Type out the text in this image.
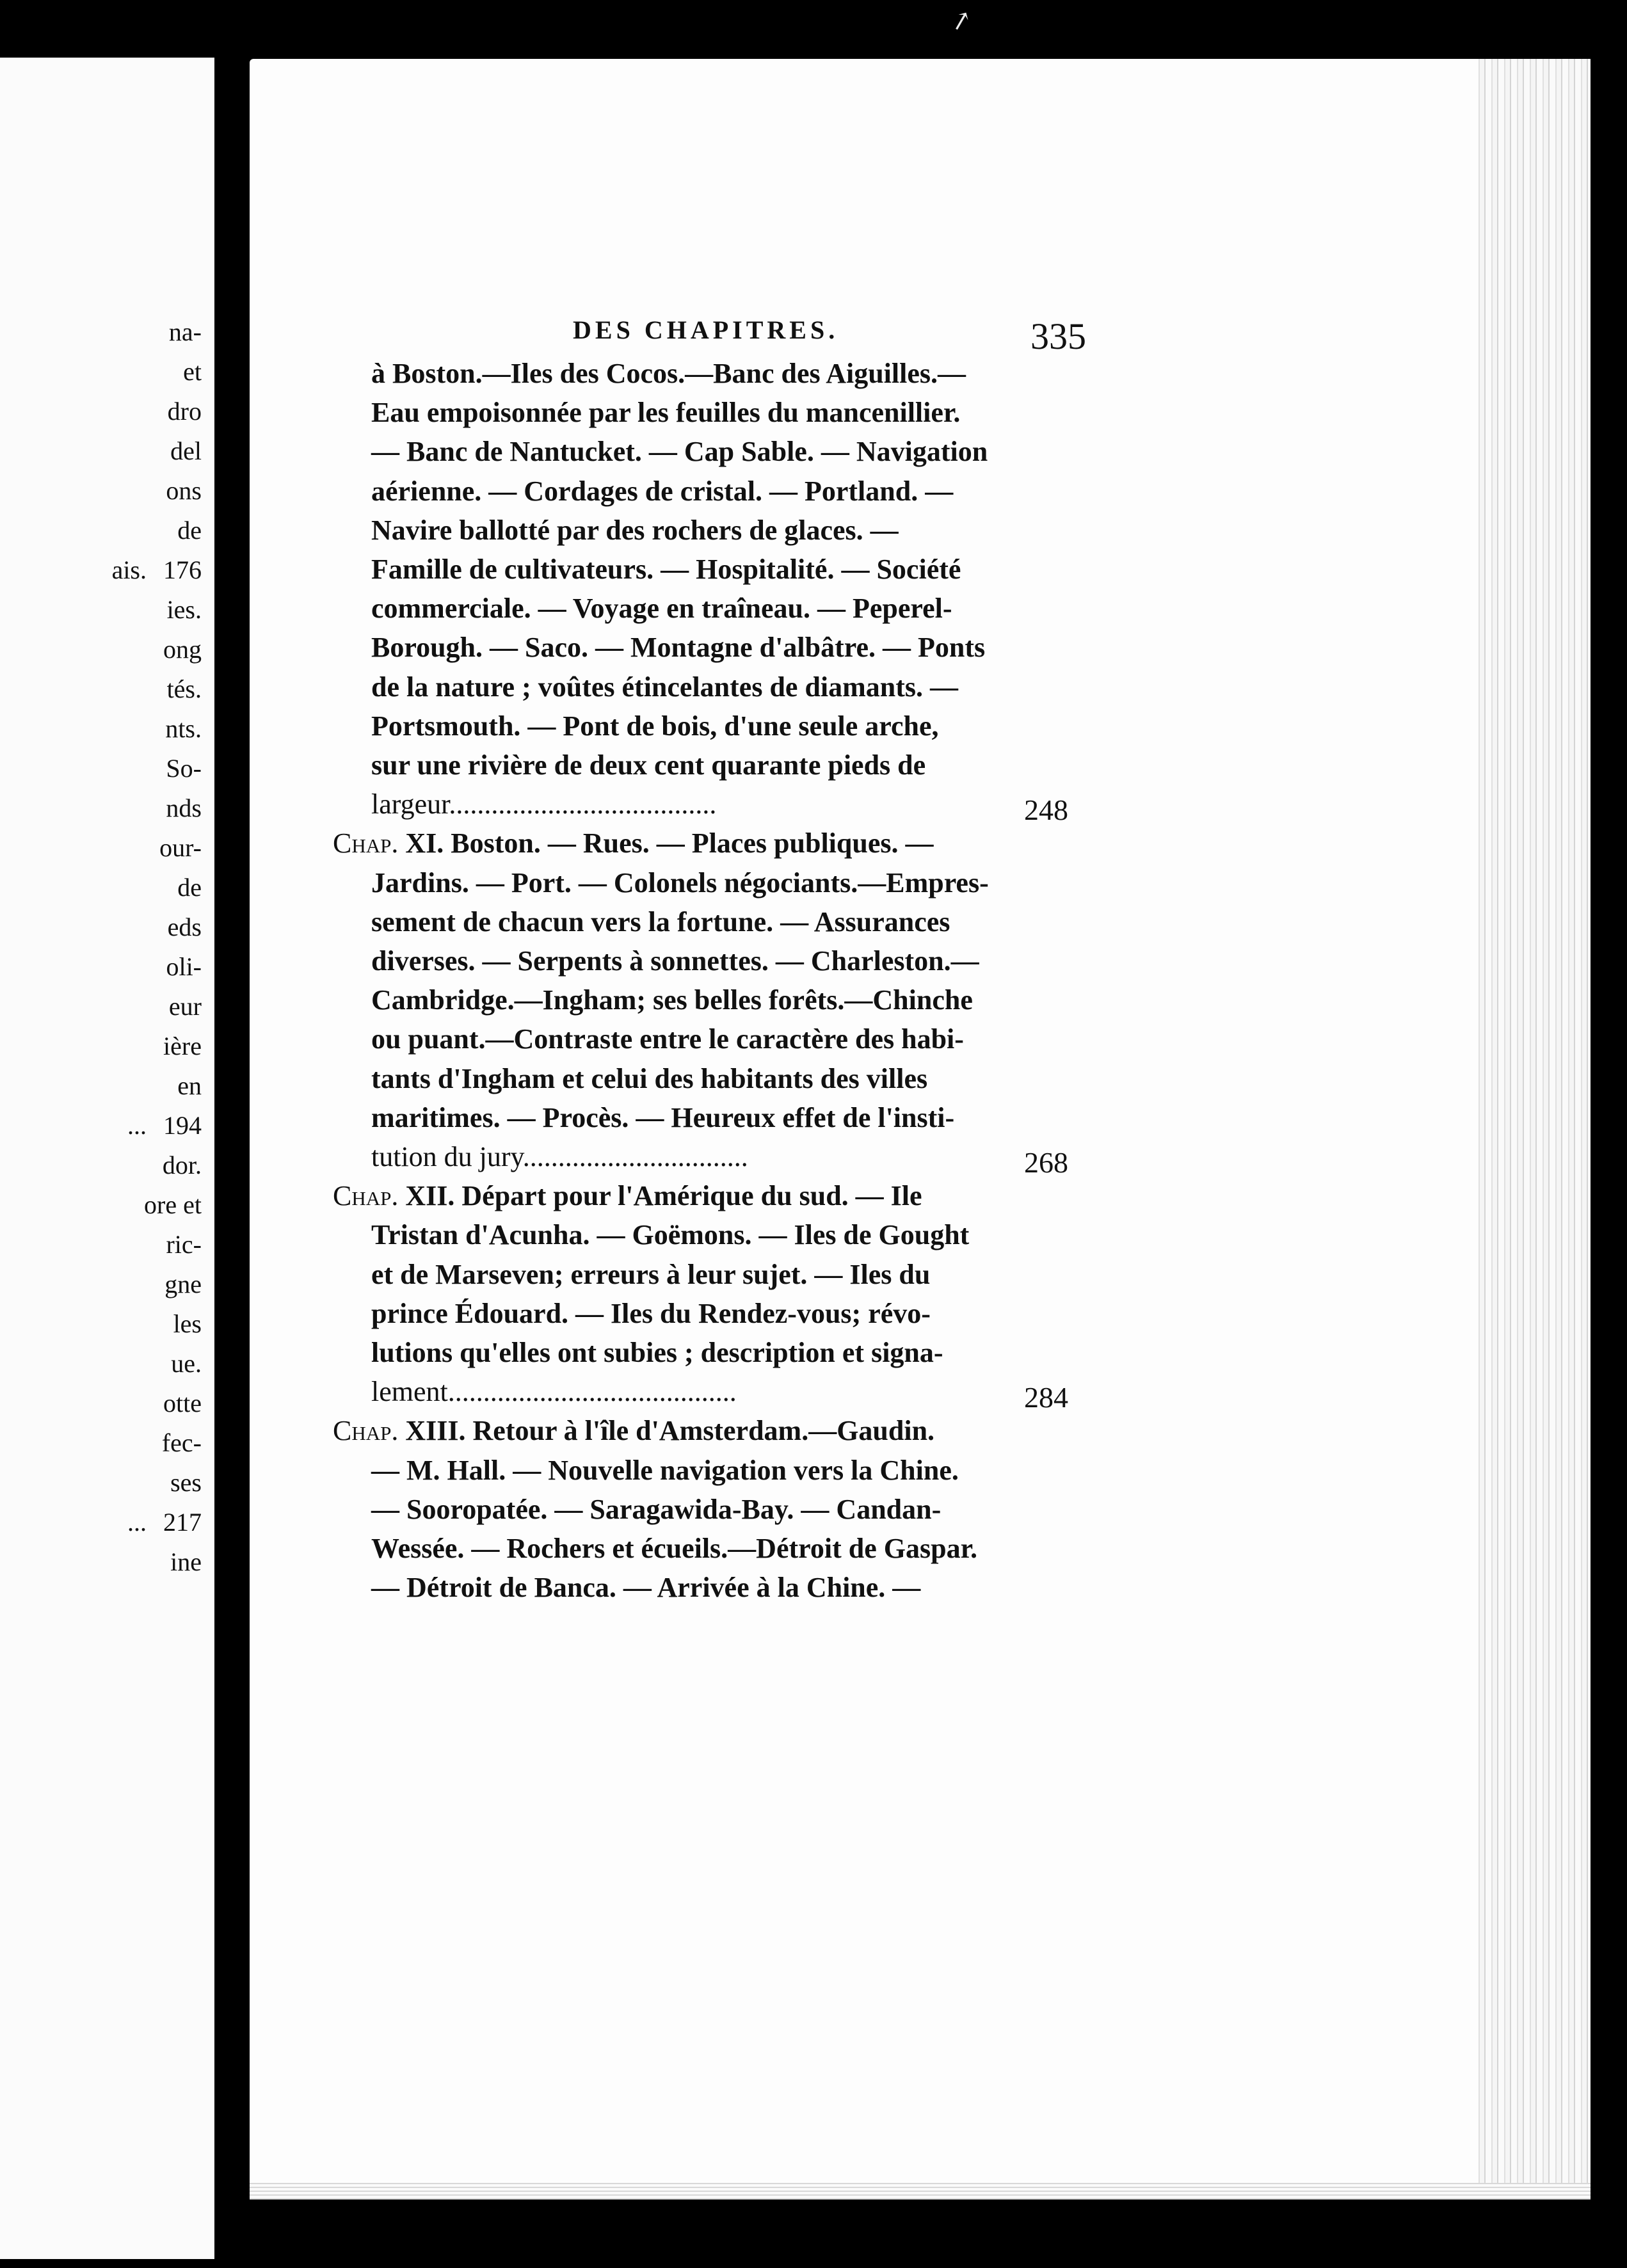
↗
na-
et
dro
del
ons
de
ais. 176
ies.
ong
tés.
nts.
So-
nds
our-
de
eds
oli-
eur
ière
en
... 194
dor.
ore et
ric-
gne
les
ue.
otte
fec-
ses
... 217
ine
DES CHAPITRES.	335
à Boston.—Iles des Cocos.—Banc des Aiguilles.—
Eau empoisonnée par les feuilles du mancenillier.
— Banc de Nantucket. — Cap Sable. — Navigation
aérienne. — Cordages de cristal. — Portland. —
Navire ballotté par des rochers de glaces. —
Famille de cultivateurs. — Hospitalité. — Société
commerciale. — Voyage en traîneau. — Peperel-
Borough. — Saco. — Montagne d'albâtre. — Ponts
de la nature ; voûtes étincelantes de diamants. —
Portsmouth. — Pont de bois, d'une seule arche,
sur une rivière de deux cent quarante pieds de
largeur......................................
Chap. XI. Boston. — Rues. — Places publiques. —
Jardins. — Port. — Colonels négociants.—Empres-
sement de chacun vers la fortune. — Assurances
diverses. — Serpents à sonnettes. — Charleston.—
Cambridge.—Ingham; ses belles forêts.—Chinche
ou puant.—Contraste entre le caractère des habi-
tants d'Ingham et celui des habitants des villes
maritimes. — Procès. — Heureux effet de l'insti-
tution du jury................................
Chap. XII. Départ pour l'Amérique du sud. — Ile
Tristan d'Acunha. — Goëmons. — Iles de Gought
et de Marseven; erreurs à leur sujet. — Iles du
prince Édouard. — Iles du Rendez-vous; révo-
lutions qu'elles ont subies ; description et signa-
lement.........................................
Chap. XIII. Retour à l'île d'Amsterdam.—Gaudin.
— M. Hall. — Nouvelle navigation vers la Chine.
— Sooropatée. — Saragawida-Bay. — Candan-
Wessée. — Rochers et écueils.—Détroit de Gaspar.
— Détroit de Banca. — Arrivée à la Chine. —
248
268
284
